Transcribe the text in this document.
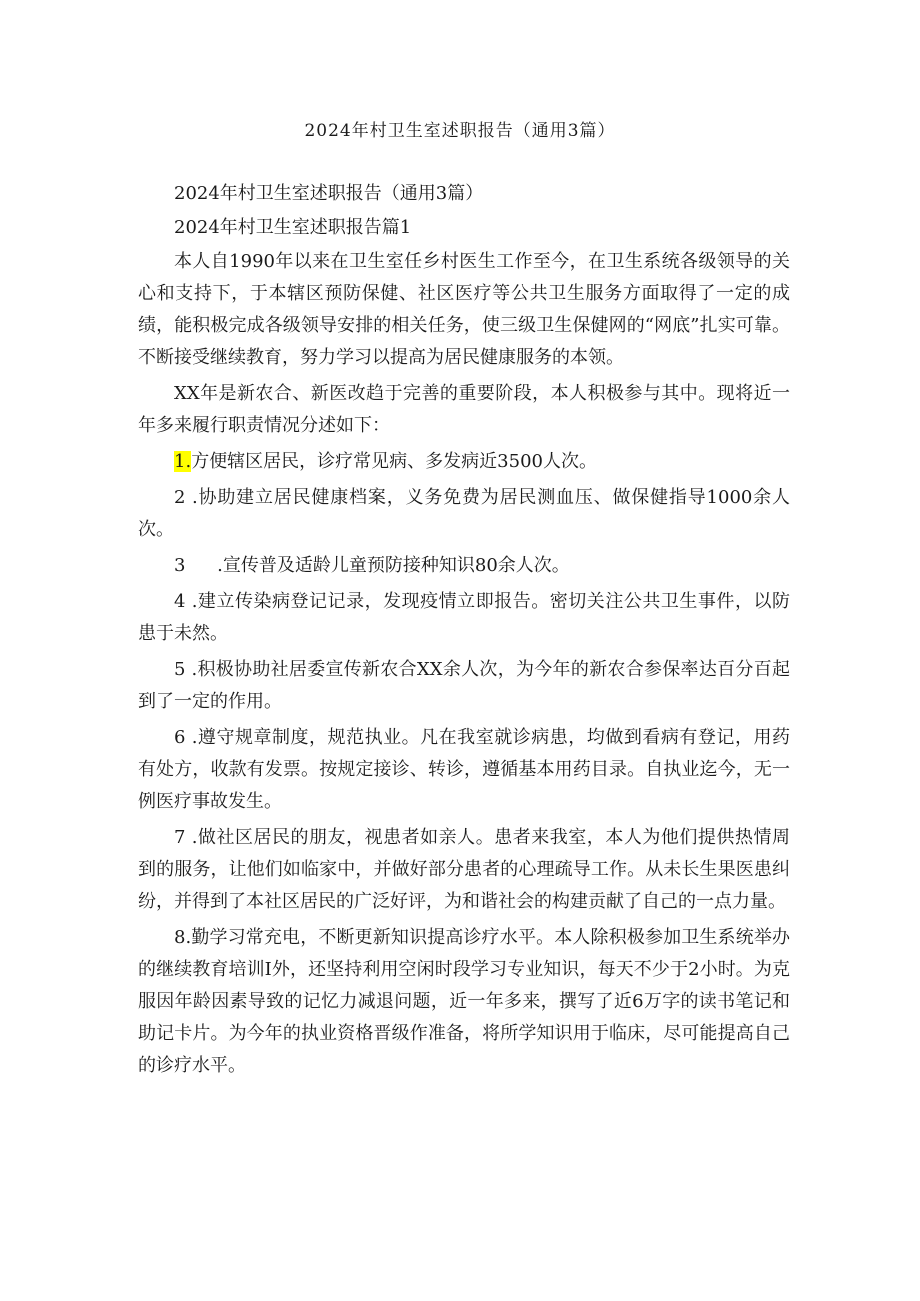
2024年村卫生室述职报告（通用3篇）

2024年村卫生室述职报告（通用3篇）

2024年村卫生室述职报告篇1

本人自1990年以来在卫生室任乡村医生工作至今，在卫生系统各级领导的关心和支持下，于本辖区预防保健、社区医疗等公共卫生服务方面取得了一定的成绩，能积极完成各级领导安排的相关任务，使三级卫生保健网的“网底”扎实可靠。不断接受继续教育，努力学习以提高为居民健康服务的本领。

XX年是新农合、新医改趋于完善的重要阶段，本人积极参与其中。现将近一年多来履行职责情况分述如下：

1.方便辖区居民，诊疗常见病、多发病近3500人次。

2 .协助建立居民健康档案，义务免费为居民测血压、做保健指导1000余人次。

3 .宣传普及适龄儿童预防接种知识80余人次。

4 .建立传染病登记记录，发现疫情立即报告。密切关注公共卫生事件，以防患于未然。

5 .积极协助社居委宣传新农合XX余人次，为今年的新农合参保率达百分百起到了一定的作用。

6 .遵守规章制度，规范执业。凡在我室就诊病患，均做到看病有登记，用药有处方，收款有发票。按规定接诊、转诊，遵循基本用药目录。自执业迄今，无一例医疗事故发生。

7 .做社区居民的朋友，视患者如亲人。患者来我室，本人为他们提供热情周到的服务，让他们如临家中，并做好部分患者的心理疏导工作。从未长生果医患纠纷，并得到了本社区居民的广泛好评，为和谐社会的构建贡献了自己的一点力量。

8.勤学习常充电，不断更新知识提高诊疗水平。本人除积极参加卫生系统举办的继续教育培训I外，还坚持利用空闲时段学习专业知识，每天不少于2小时。为克服因年龄因素导致的记忆力减退问题，近一年多来，撰写了近6万字的读书笔记和助记卡片。为今年的执业资格晋级作准备，将所学知识用于临床，尽可能提高自己的诊疗水平。
